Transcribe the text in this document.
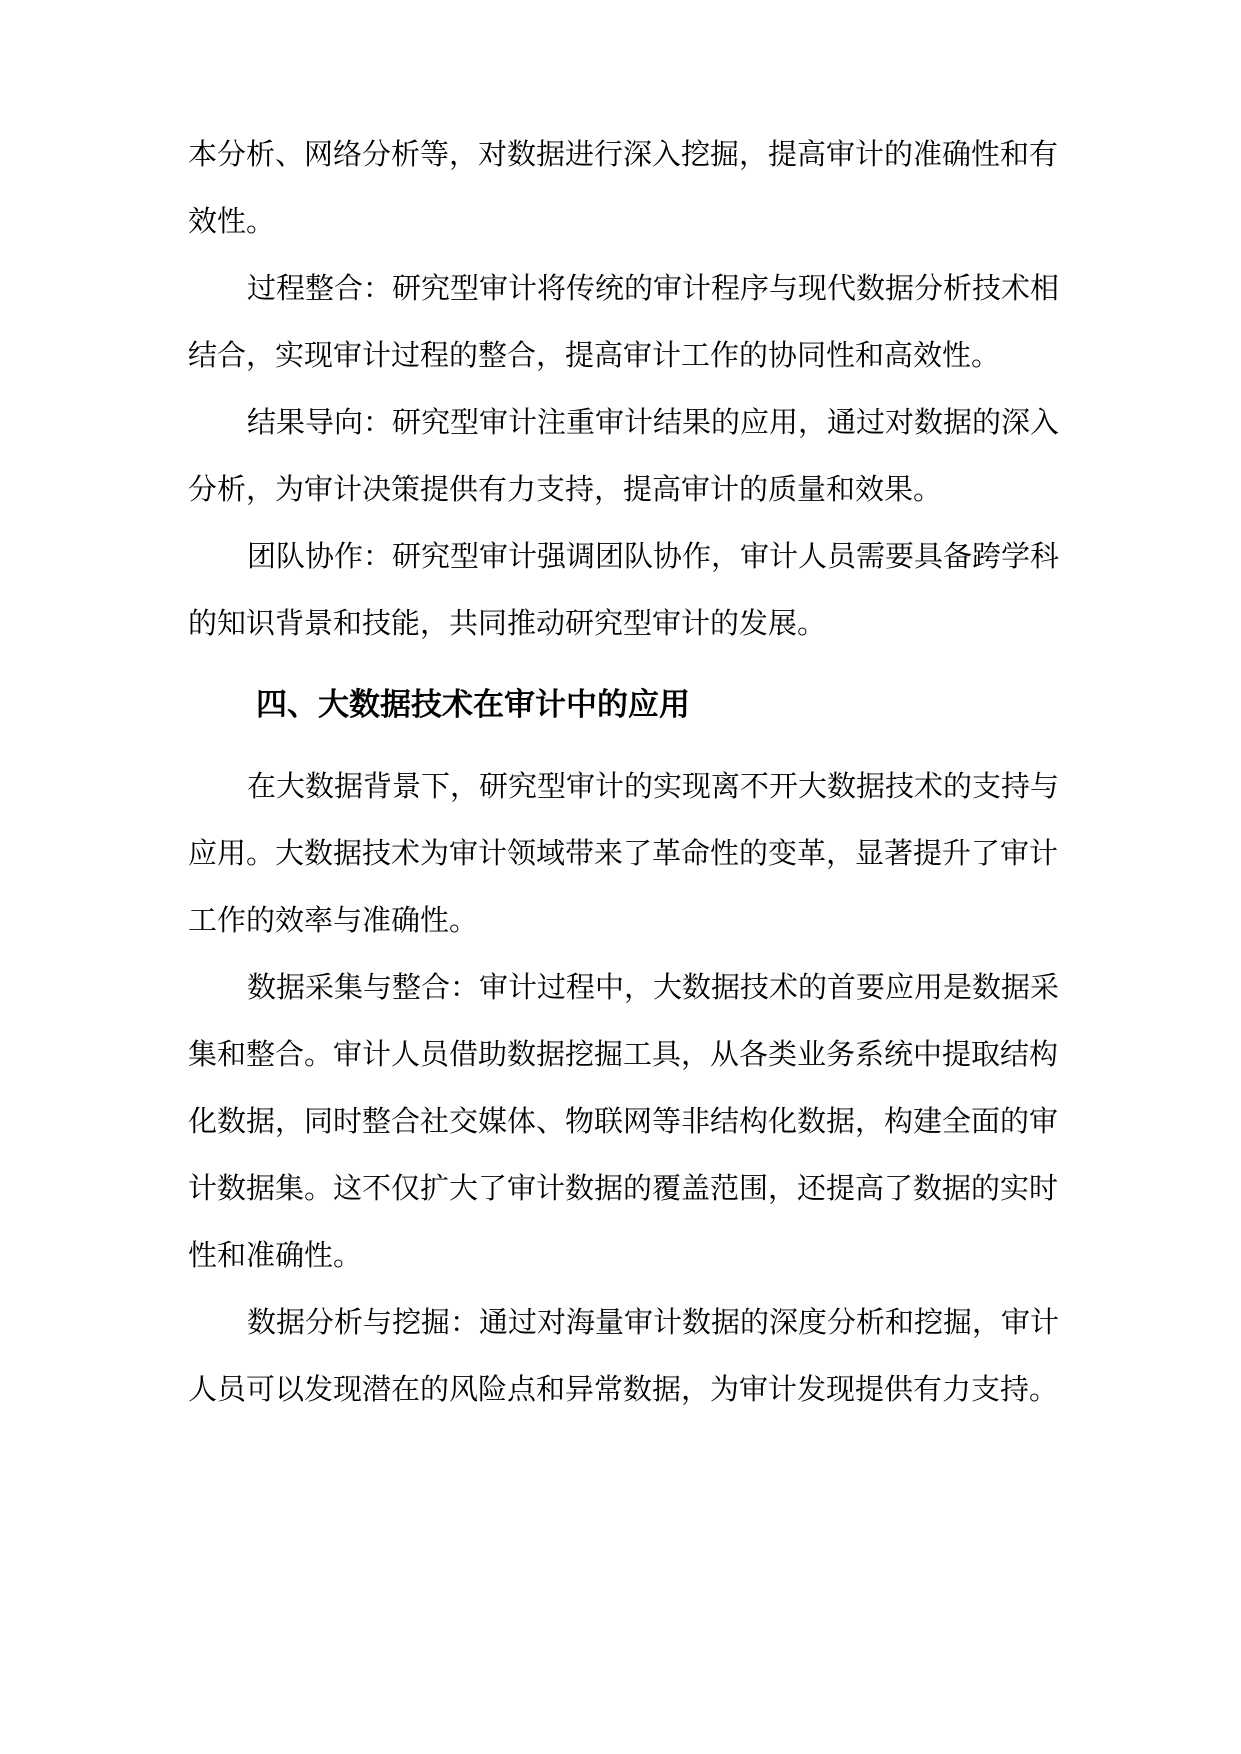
本分析、网络分析等，对数据进行深入挖掘，提高审计的准确性和有

效性。

过程整合：研究型审计将传统的审计程序与现代数据分析技术相

结合，实现审计过程的整合，提高审计工作的协同性和高效性。

结果导向：研究型审计注重审计结果的应用，通过对数据的深入

分析，为审计决策提供有力支持，提高审计的质量和效果。

团队协作：研究型审计强调团队协作，审计人员需要具备跨学科

的知识背景和技能，共同推动研究型审计的发展。

四、大数据技术在审计中的应用

在大数据背景下，研究型审计的实现离不开大数据技术的支持与

应用。大数据技术为审计领域带来了革命性的变革，显著提升了审计

工作的效率与准确性。

数据采集与整合：审计过程中，大数据技术的首要应用是数据采

集和整合。审计人员借助数据挖掘工具，从各类业务系统中提取结构

化数据，同时整合社交媒体、物联网等非结构化数据，构建全面的审

计数据集。这不仅扩大了审计数据的覆盖范围，还提高了数据的实时

性和准确性。

数据分析与挖掘：通过对海量审计数据的深度分析和挖掘，审计

人员可以发现潜在的风险点和异常数据，为审计发现提供有力支持。
